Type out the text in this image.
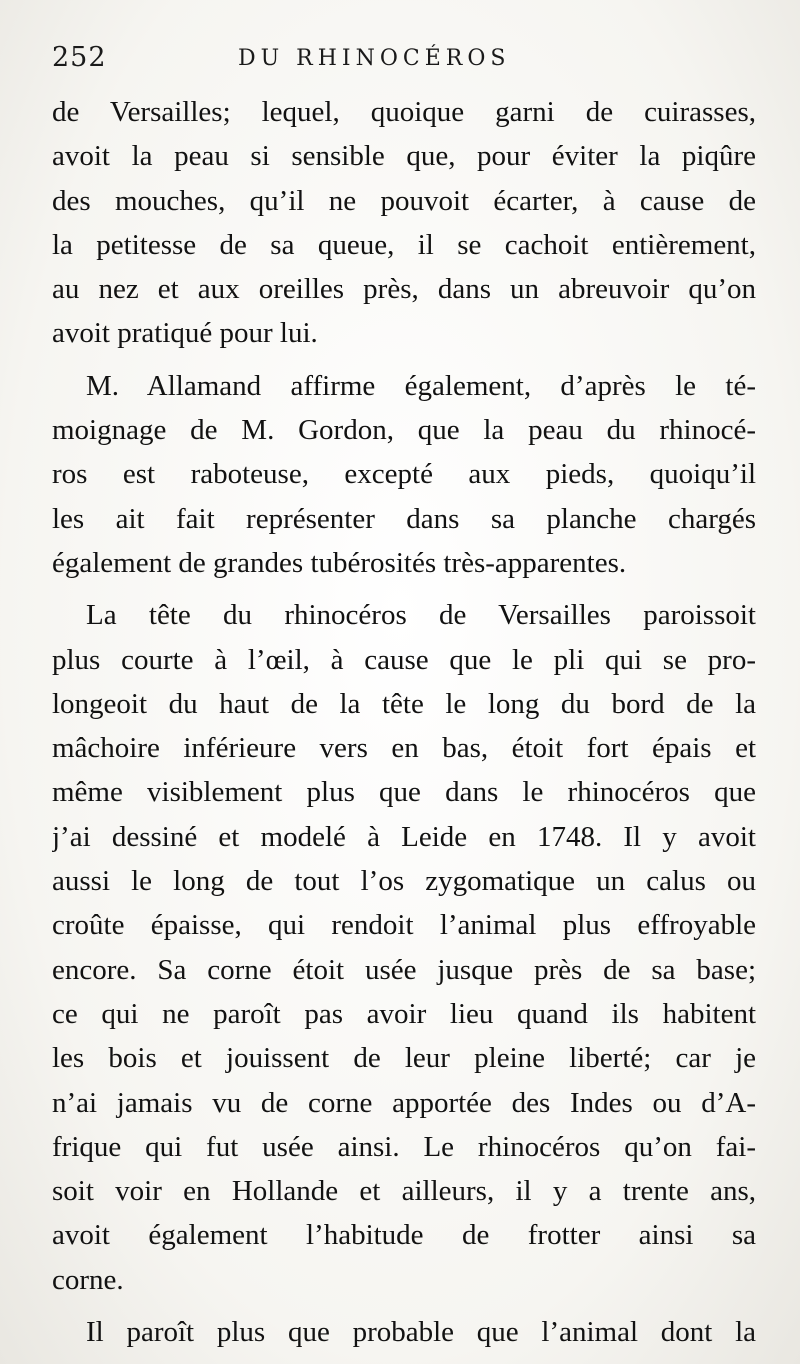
252	DU RHINOCÉROS
de Versailles; lequel, quoique garni de cuirasses,
avoit la peau si sensible que, pour éviter la piqûre
des mouches, qu’il ne pouvoit écarter, à cause de
la petitesse de sa queue, il se cachoit entièrement,
au nez et aux oreilles près, dans un abreuvoir qu’on
avoit pratiqué pour lui.
M. Allamand affirme également, d’après le té-
moignage de M. Gordon, que la peau du rhinocé-
ros est raboteuse, excepté aux pieds, quoiqu’il
les ait fait représenter dans sa planche chargés
également de grandes tubérosités très-apparentes.
La tête du rhinocéros de Versailles paroissoit
plus courte à l’œil, à cause que le pli qui se pro-
longeoit du haut de la tête le long du bord de la
mâchoire inférieure vers en bas, étoit fort épais et
même visiblement plus que dans le rhinocéros que
j’ai dessiné et modelé à Leide en 1748. Il y avoit
aussi le long de tout l’os zygomatique un calus ou
croûte épaisse, qui rendoit l’animal plus effroyable
encore. Sa corne étoit usée jusque près de sa base;
ce qui ne paroît pas avoir lieu quand ils habitent
les bois et jouissent de leur pleine liberté; car je
n’ai jamais vu de corne apportée des Indes ou d’A-
frique qui fut usée ainsi. Le rhinocéros qu’on fai-
soit voir en Hollande et ailleurs, il y a trente ans,
avoit également l’habitude de frotter ainsi sa
corne.
Il paroît plus que probable que l’animal dont la
